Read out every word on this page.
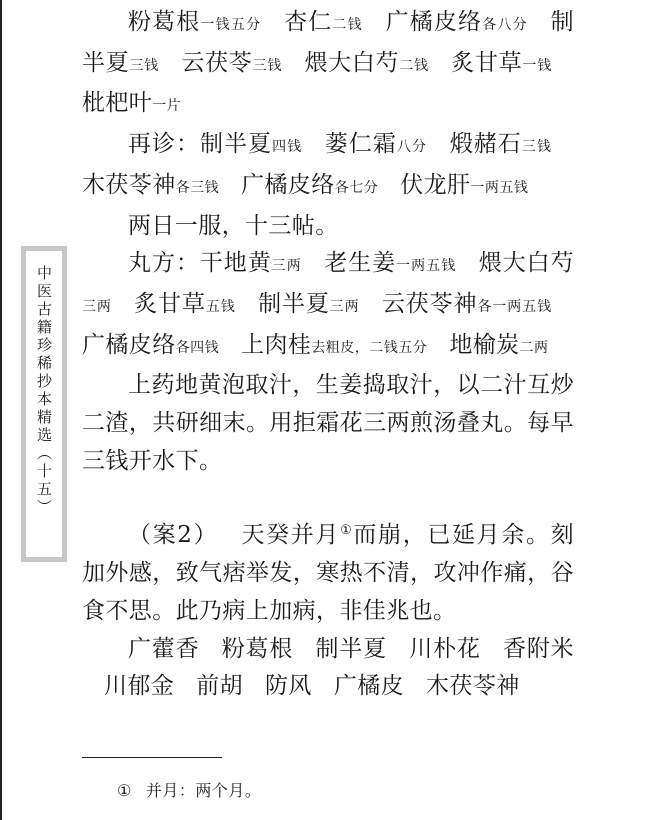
中医古籍珍稀抄本精选（十五）

粉葛根一钱五分 杏仁二钱 广橘皮络各八分 制半夏三钱 云茯苓三钱 煨大白芍二钱 炙甘草一钱枇杷叶一片

再诊：制半夏四钱 蒌仁霜八分 煅赭石三钱木茯苓神各三钱 广橘皮络各七分 伏龙肝一两五钱

两日一服，十三帖。

丸方：干地黄三两 老生姜一两五钱 煨大白芍三两 炙甘草五钱 制半夏三两 云茯苓神各一两五钱广橘皮络各四钱 上肉桂去粗皮，二钱五分 地榆炭二两

上药地黄泡取汁，生姜捣取汁，以二汁互炒二渣，共研细末。用拒霜花三两煎汤叠丸。每早三钱开水下。

（案2） 天癸并月①而崩，已延月余。刻加外感，致气痞举发，寒热不清，攻冲作痛，谷食不思。此乃病上加病，非佳兆也。

广藿香 粉葛根 制半夏 川朴花 香附米川郁金 前胡 防风 广橘皮 木茯苓神

① 并月：两个月。
